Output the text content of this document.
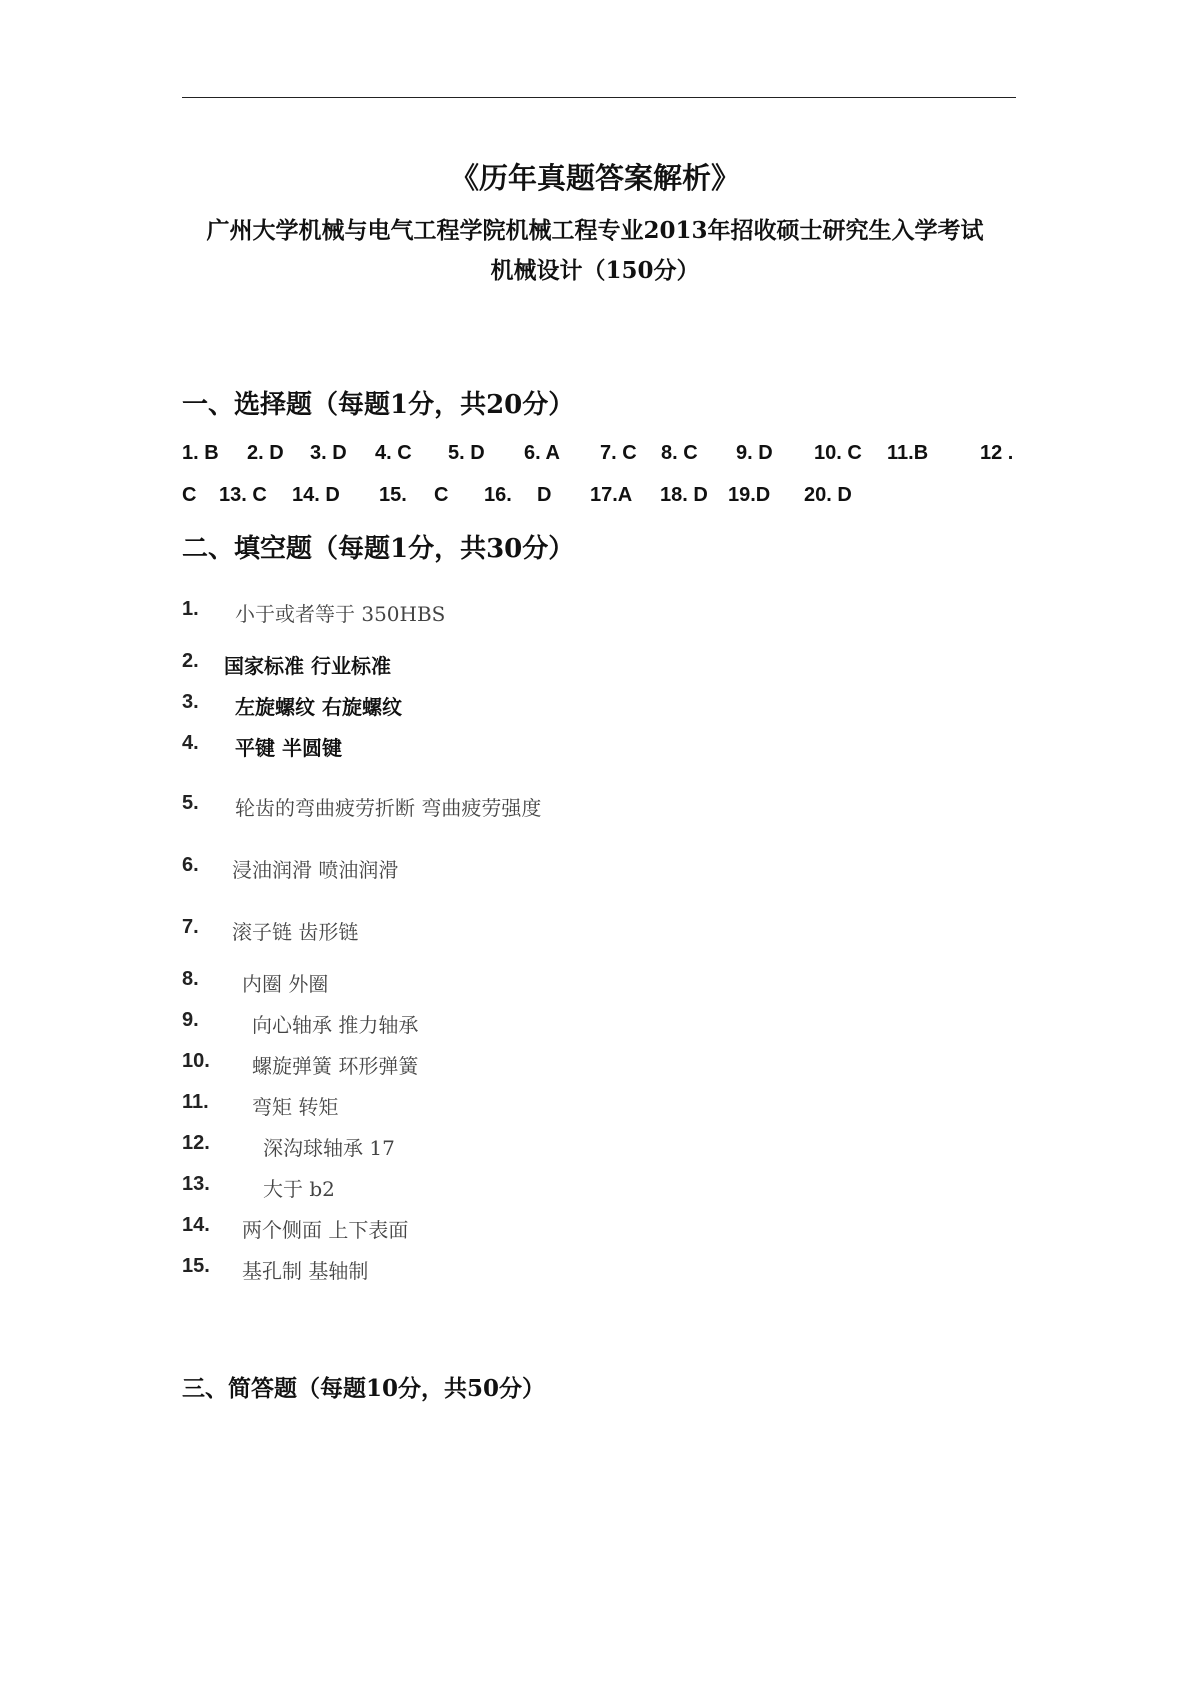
《历年真题答案解析》
广州大学机械与电气工程学院机械工程专业2013年招收硕士研究生入学考试
机械设计（150分）
一、选择题（每题1分，共20分）
1. B 2. D 3. D 4. C 5. D 6. A 7. C 8. C 9. D 10. C 11.B	12 .
C 13. C 14. D 15. C 16. D 17.A 18. D 19.D 20. D
二、填空题（每题1分，共30分）
1. 小于或者等于 350HBS
2. 国家标准 行业标准
3. 左旋螺纹 右旋螺纹
4. 平键 半圆键
5. 轮齿的弯曲疲劳折断 弯曲疲劳强度
6. 浸油润滑 喷油润滑
7. 滚子链 齿形链
8. 内圈 外圈
9.	向心轴承 推力轴承
10. 螺旋弹簧 环形弹簧
11. 弯矩 转矩
12.	深沟球轴承 17
13.	大于 b2
14. 两个侧面 上下表面
15. 基孔制 基轴制
三、简答题（每题10分，共50分）
